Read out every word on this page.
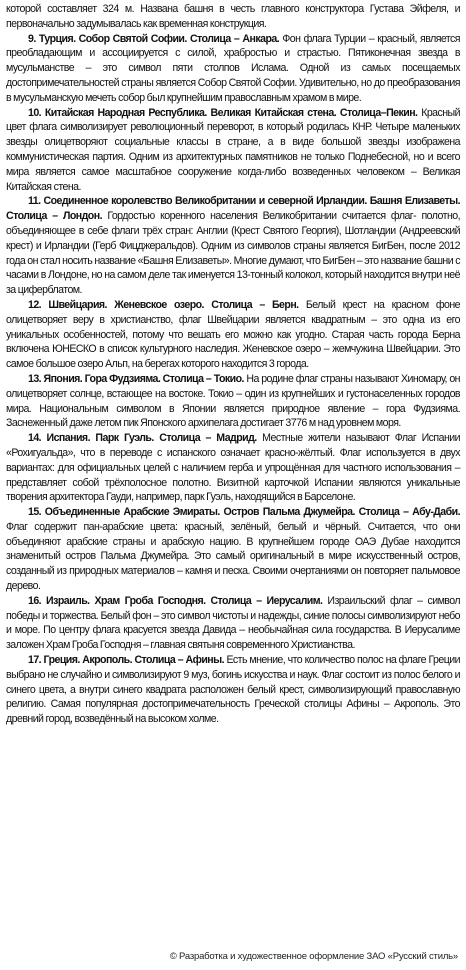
которой составляет 324 м. Названа башня в честь главного конструктора Густава Эйфеля, и первоначально задумывалась как временная конструкция.

9. Турция. Собор Святой Софии. Столица – Анкара. Фон флага Турции – красный, является преобладающим и ассоциируется с силой, храбростью и страстью. Пятиконечная звезда в мусульманстве – это символ пяти столпов Ислама. Одной из самых посещаемых достопримечательностей страны является Собор Святой Софии. Удивительно, но до преобразования в мусульманскую мечеть собор был крупнейшим православным храмом в мире.

10. Китайская Народная Республика. Великая Китайская стена. Столица–Пекин. Красный цвет флага символизирует революционный переворот, в который родилась КНР. Четыре маленьких звезды олицетворяют социальные классы в стране, а в виде большой звезды изображена коммунистическая партия. Одним из архитектурных памятников не только Поднебесной, но и всего мира является самое масштабное сооружение когда-либо возведенных человеком – Великая Китайская стена.

11. Соединенное королевство Великобритании и северной Ирландии. Башня Елизаветы. Столица – Лондон. Гордостью коренного населения Великобритании считается флаг- полотно, объединяющее в себе флаги трёх стран: Англии (Крест Святого Георгия), Шотландии (Андреевский крест) и Ирландии (Герб Фицджеральдов). Одним из символов страны является БигБен, после 2012 года он стал носить название «Башня Елизаветы». Многие думают, что БигБен – это название башни с часами в Лондоне, но на самом деле так именуется 13-тонный колокол, который находится внутри неё за циферблатом.

12. Швейцария. Женевское озеро. Столица – Берн. Белый крест на красном фоне олицетворяет веру в христианство, флаг Швейцарии является квадратным – это одна из его уникальных особенностей, потому что вешать его можно как угодно. Старая часть города Берна включена ЮНЕСКО в список культурного наследия. Женевское озеро – жемчужина Швейцарии. Это самое большое озеро Альп, на берегах которого находится 3 города.

13. Япония. Гора Фудзияма. Столица – Токио. На родине флаг страны называют Хиномару, он олицетворяет солнце, встающее на востоке. Токио – один из крупнейших и густонаселенных городов мира. Национальным символом в Японии является природное явление – гора Фудзияма. Заснеженный даже летом пик Японского архипелага достигает 3776 м над уровнем моря.

14. Испания. Парк Гуэль. Столица – Мадрид. Местные жители называют Флаг Испании «Рохигуальда», что в переводе с испанского означает красно-жёлтый. Флаг используется в двух вариантах: для официальных целей с наличием герба и упрощённая для частного использования – представляет собой трёхполосное полотно. Визитной карточкой Испании являются уникальные творения архитектора Гауди, например, парк Гуэль, находящийся в Барселоне.

15. Объединенные Арабские Эмираты. Остров Пальма Джумейра. Столица – Абу-Даби. Флаг содержит пан-арабские цвета: красный, зелёный, белый и чёрный. Считается, что они объединяют арабские страны и арабскую нацию. В крупнейшем городе ОАЭ Дубае находится знаменитый остров Пальма Джумейра. Это самый оригинальный в мире искусственный остров, созданный из природных материалов – камня и песка. Своими очертаниями он повторяет пальмовое дерево.

16. Израиль. Храм Гроба Господня. Столица – Иерусалим. Израильский флаг – символ победы и торжества. Белый фон – это символ чистоты и надежды, синие полосы символизируют небо и море. По центру флага красуется звезда Давида – необычайная сила государства. В Иерусалиме заложен Храм Гроба Господня – главная святыня современного Христианства.

17. Греция. Акрополь. Столица – Афины. Есть мнение, что количество полос на флаге Греции выбрано не случайно и символизируют 9 муз, богинь искусства и наук. Флаг состоит из полос белого и синего цвета, а внутри синего квадрата расположен белый крест, символизирующий православную религию. Самая популярная достопримечательность Греческой столицы Афины – Акрополь. Это древний город, возведённый на высоком холме.

© Разработка и художественное оформление ЗАО «Русский стиль»
